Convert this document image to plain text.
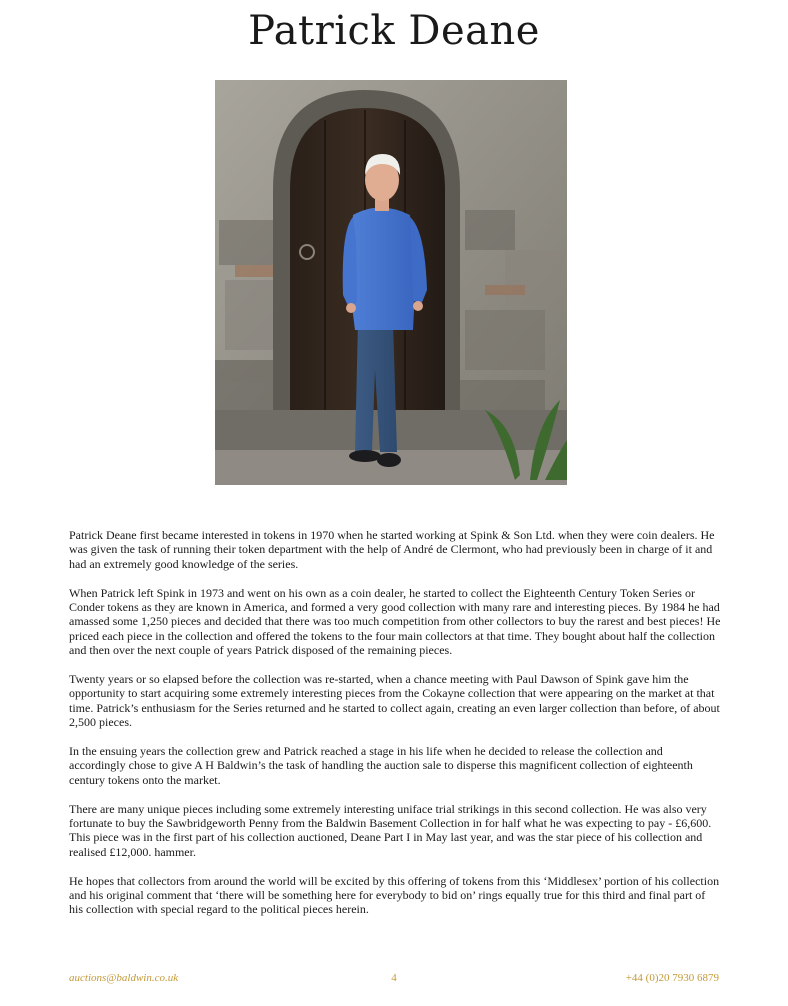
Patrick Deane

Patrick Deane first became interested in tokens in 1970 when he started working at Spink & Son Ltd. when they were coin dealers. He was given the task of running their token department with the help of André de Clermont, who had previously been in charge of it and had an extremely good knowledge of the series.

When Patrick left Spink in 1973 and went on his own as a coin dealer, he started to collect the Eighteenth Century Token Series or Conder tokens as they are known in America, and formed a very good collection with many rare and interesting pieces. By 1984 he had amassed some 1,250 pieces and decided that there was too much competition from other collectors to buy the rarest and best pieces! He priced each piece in the collection and offered the tokens to the four main collectors at that time. They bought about half the collection and then over the next couple of years Patrick disposed of the remaining pieces.

Twenty years or so elapsed before the collection was re-started, when a chance meeting with Paul Dawson of Spink gave him the opportunity to start acquiring some extremely interesting pieces from the Cokayne collection that were appearing on the market at that time. Patrick’s enthusiasm for the Series returned and he started to collect again, creating an even larger collection than before, of about 2,500 pieces.

In the ensuing years the collection grew and Patrick reached a stage in his life when he decided to release the collection and accordingly chose to give A H Baldwin’s the task of handling the auction sale to disperse this magnificent collection of eighteenth century tokens onto the market.

There are many unique pieces including some extremely interesting uniface trial strikings in this second collection. He was also very fortunate to buy the Sawbridgeworth Penny from the Baldwin Basement Collection in for half what he was expecting to pay - £6,600. This piece was in the first part of his collection auctioned, Deane Part I in May last year, and was the star piece of his collection and realised £12,000. hammer.

He hopes that collectors from around the world will be excited by this offering of tokens from this ‘Middlesex’ portion of his collection and his original comment that ‘there will be something here for everybody to bid on’ rings equally true for this third and final part of his collection with special regard to the political pieces herein.

auctions@baldwin.co.uk	4	+44 (0)20 7930 6879
